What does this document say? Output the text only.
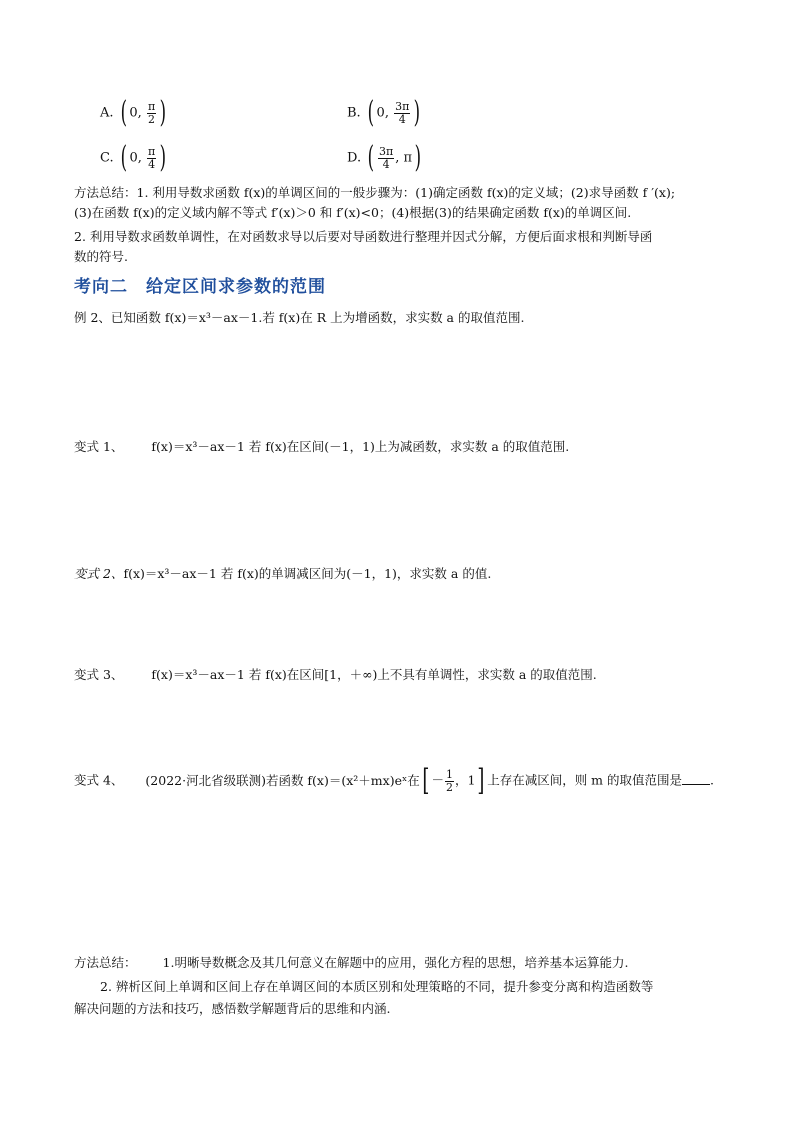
A. ( 0, $\frac{\pi}{2}$ )	B. ( 0, $\frac{3\pi}{4}$ )
C. ( 0, $\frac{\pi}{4}$ )	D. ( $\frac{3\pi}{4}$ , π)
方法总结：1. 利用导数求函数 f(x)的单调区间的一般步骤为：(1)确定函数 f(x)的定义域；(2)求导函数 f ′(x);
(3)在函数 f(x)的定义域内解不等式 f′(x)＞0 和 f′(x)<0；(4)根据(3)的结果确定函数 f(x)的单调区间.
2. 利用导数求函数单调性，在对函数求导以后要对导函数进行整理并因式分解，方便后面求根和判断导函
数的符号.
考向二　给定区间求参数的范围
例 2、已知函数 f(x)＝x³－ax－1.若 f(x)在 R 上为增函数，求实数 a 的取值范围.
变式 1、 f(x)＝x³－ax－1 若 f(x)在区间(－1，1)上为减函数，求实数 a 的取值范围.
变式 2、f(x)＝x³－ax－1 若 f(x)的单调减区间为(－1，1)，求实数 a 的值.
变式 3、 f(x)＝x³－ax－1 若 f(x)在区间[1，＋∞)上不具有单调性，求实数 a 的取值范围.
变式 4、 (2022·河北省级联测)若函数 f(x)＝(x²＋mx)eˣ在[ － $\frac{1}{2}$ ，1] 上存在减区间，则 m 的取值范围是 .
方法总结： 1.明晰导数概念及其几何意义在解题中的应用，强化方程的思想，培养基本运算能力.
2. 辨析区间上单调和区间上存在单调区间的本质区别和处理策略的不同，提升参变分离和构造函数等
解决问题的方法和技巧，感悟数学解题背后的思维和内涵.
